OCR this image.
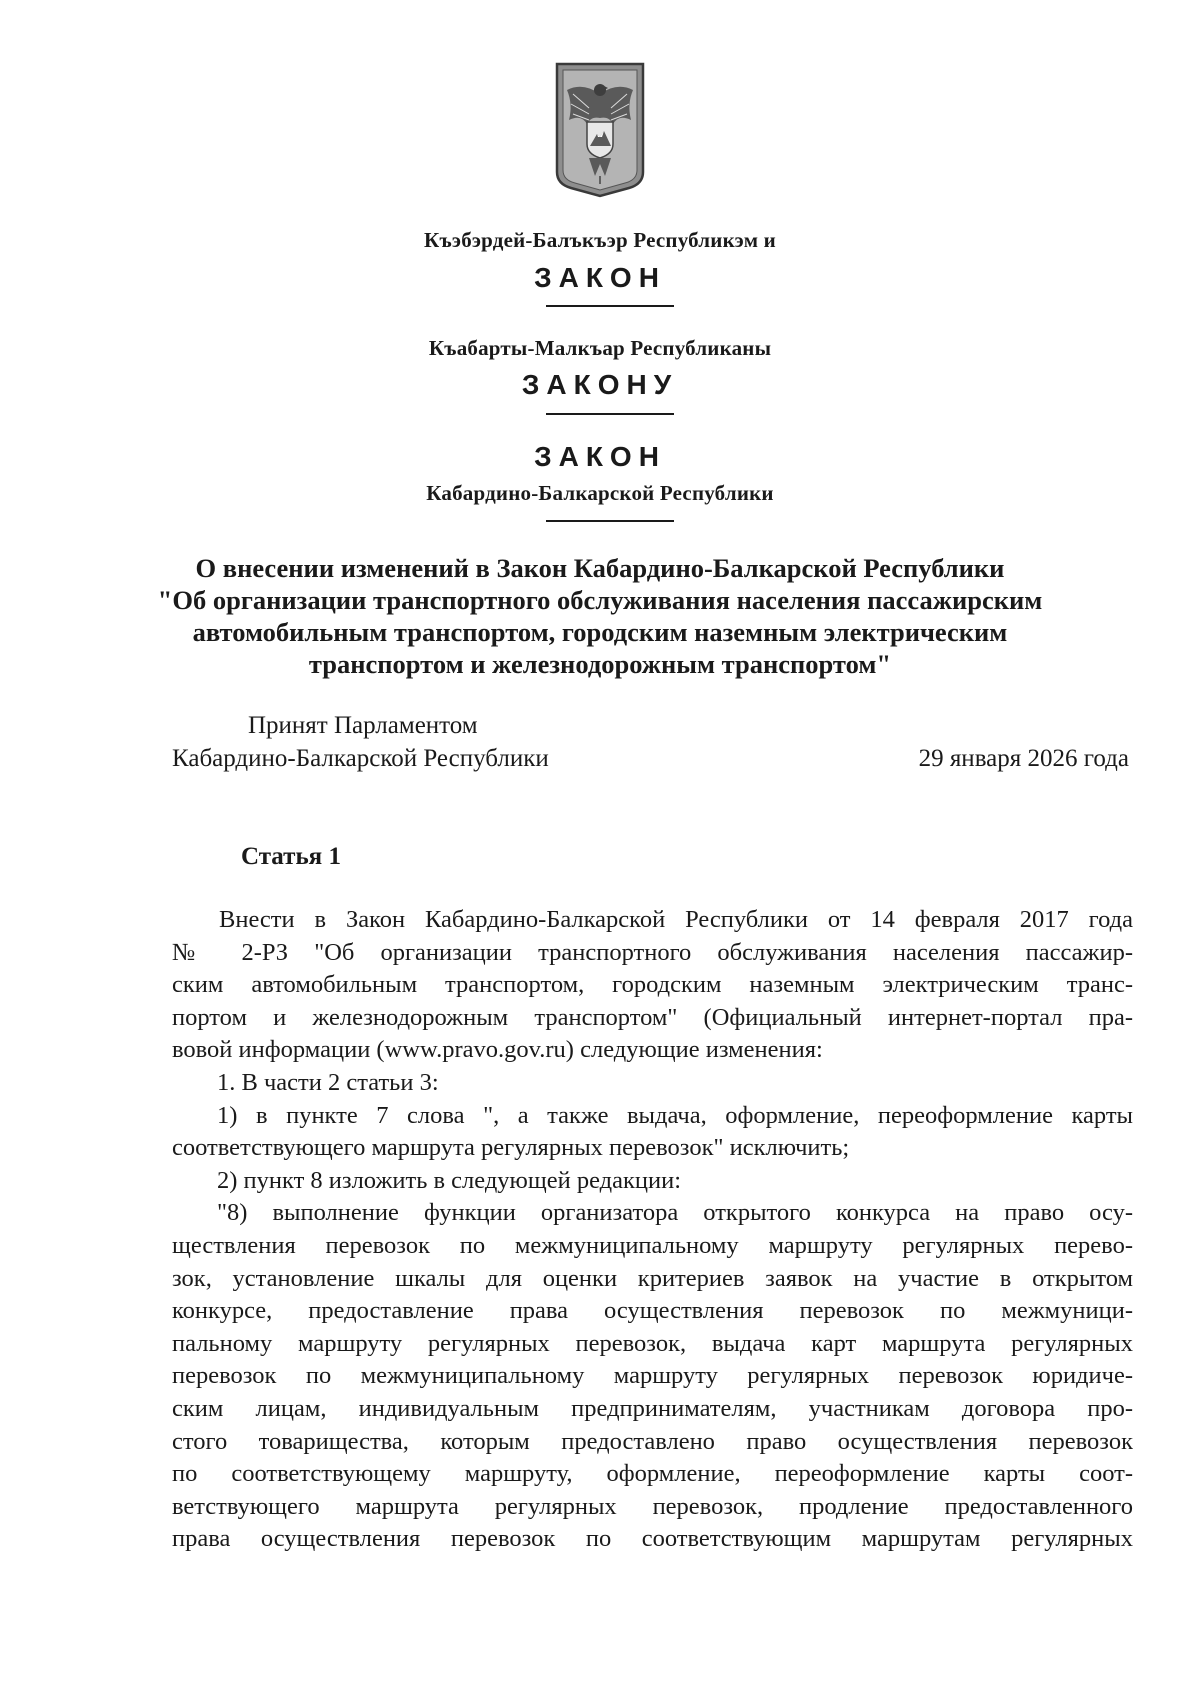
Къэбэрдей-Балъкъэр Республикэм и
ЗАКОН
Къабарты-Малкъар Республиканы
ЗАКОНУ
ЗАКОН
Кабардино-Балкарской Республики
О внесении изменений в Закон Кабардино-Балкарской Республики
"Об организации транспортного обслуживания населения пассажирским
автомобильным транспортом, городским наземным электрическим
транспортом и железнодорожным транспортом"
Принят Парламентом
Кабардино-Балкарской Республики	29 января 2026 года
Статья 1
Внести в Закон Кабардино-Балкарской Республики от 14 февраля 2017 года
№ 2-РЗ "Об организации транспортного обслуживания населения пассажир-
ским автомобильным транспортом, городским наземным электрическим транс-
портом и железнодорожным транспортом" (Официальный интернет-портал пра-
вовой информации (www.pravo.gov.ru) следующие изменения:
1. В части 2 статьи 3:
1) в пункте 7 слова ", а также выдача, оформление, переоформление карты
соответствующего маршрута регулярных перевозок" исключить;
2) пункт 8 изложить в следующей редакции:
"8) выполнение функции организатора открытого конкурса на право осу-
ществления перевозок по межмуниципальному маршруту регулярных перево-
зок, установление шкалы для оценки критериев заявок на участие в открытом
конкурсе, предоставление права осуществления перевозок по межмуници-
пальному маршруту регулярных перевозок, выдача карт маршрута регулярных
перевозок по межмуниципальному маршруту регулярных перевозок юридиче-
ским лицам, индивидуальным предпринимателям, участникам договора про-
стого товарищества, которым предоставлено право осуществления перевозок
по соответствующему маршруту, оформление, переоформление карты соот-
ветствующего маршрута регулярных перевозок, продление предоставленного
права осуществления перевозок по соответствующим маршрутам регулярных
